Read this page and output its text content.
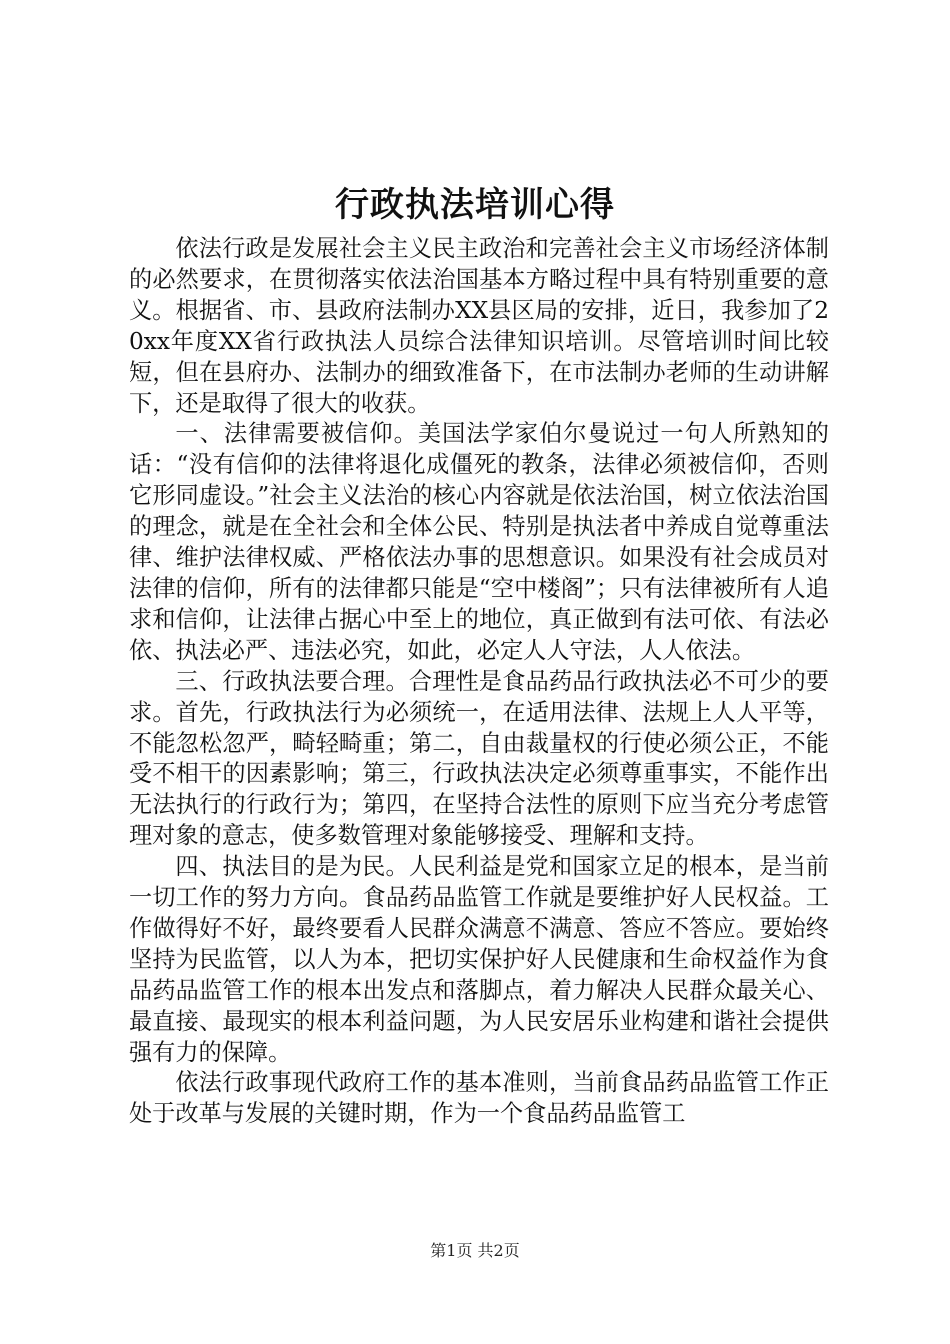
行政执法培训心得

依法行政是发展社会主义民主政治和完善社会主义市场经济体制的必然要求，在贯彻落实依法治国基本方略过程中具有特别重要的意义。根据省、市、县政府法制办XX县区局的安排，近日，我参加了20xx年度XX省行政执法人员综合法律知识培训。尽管培训时间比较短，但在县府办、法制办的细致准备下，在市法制办老师的生动讲解下，还是取得了很大的收获。

一、法律需要被信仰。美国法学家伯尔曼说过一句人所熟知的话：“没有信仰的法律将退化成僵死的教条，法律必须被信仰，否则它形同虚设。”社会主义法治的核心内容就是依法治国，树立依法治国的理念，就是在全社会和全体公民、特别是执法者中养成自觉尊重法律、维护法律权威、严格依法办事的思想意识。如果没有社会成员对法律的信仰，所有的法律都只能是“空中楼阁”；只有法律被所有人追求和信仰，让法律占据心中至上的地位，真正做到有法可依、有法必依、执法必严、违法必究，如此，必定人人守法，人人依法。

三、行政执法要合理。合理性是食品药品行政执法必不可少的要求。首先，行政执法行为必须统一，在适用法律、法规上人人平等，不能忽松忽严，畸轻畸重；第二，自由裁量权的行使必须公正，不能受不相干的因素影响；第三，行政执法决定必须尊重事实，不能作出无法执行的行政行为；第四，在坚持合法性的原则下应当充分考虑管理对象的意志，使多数管理对象能够接受、理解和支持。

四、执法目的是为民。人民利益是党和国家立足的根本，是当前一切工作的努力方向。食品药品监管工作就是要维护好人民权益。工作做得好不好，最终要看人民群众满意不满意、答应不答应。要始终坚持为民监管，以人为本，把切实保护好人民健康和生命权益作为食品药品监管工作的根本出发点和落脚点，着力解决人民群众最关心、最直接、最现实的根本利益问题，为人民安居乐业构建和谐社会提供强有力的保障。

依法行政事现代政府工作的基本准则，当前食品药品监管工作正处于改革与发展的关键时期，作为一个食品药品监管工

第1页 共2页
